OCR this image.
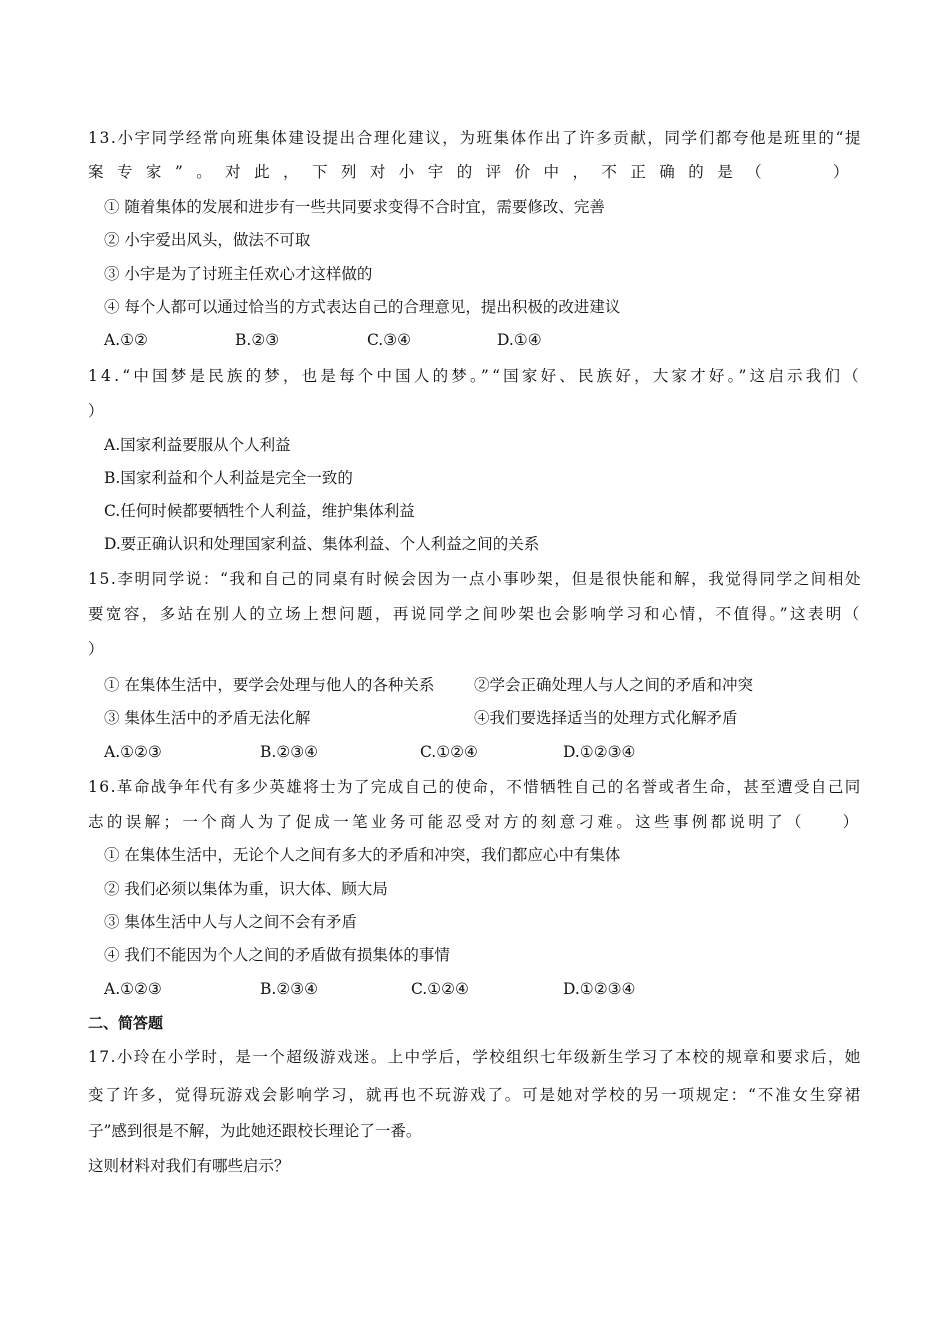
13.小宇同学经常向班集体建设提出合理化建议，为班集体作出了许多贡献，同学们都夸他是班里的“提
案专家”。对此，下列对小宇的评价中，不正确的是（　　）
① 随着集体的发展和进步有一些共同要求变得不合时宜，需要修改、完善
② 小宇爱出风头，做法不可取
③ 小宇是为了讨班主任欢心才这样做的
④ 每个人都可以通过恰当的方式表达自己的合理意见，提出积极的改进建议
A.①②	B.②③	C.③④	D.①④
14.“中国梦是民族的梦，也是每个中国人的梦。”“国家好、民族好，大家才好。”这启示我们（
）
A.国家利益要服从个人利益
B.国家利益和个人利益是完全一致的
C.任何时候都要牺牲个人利益，维护集体利益
D.要正确认识和处理国家利益、集体利益、个人利益之间的关系
15.李明同学说：“我和自己的同桌有时候会因为一点小事吵架，但是很快能和解，我觉得同学之间相处
要宽容，多站在别人的立场上想问题，再说同学之间吵架也会影响学习和心情，不值得。”这表明（
）
① 在集体生活中，要学会处理与他人的各种关系	②学会正确处理人与人之间的矛盾和冲突
③ 集体生活中的矛盾无法化解	④我们要选择适当的处理方式化解矛盾
A.①②③	B.②③④	C.①②④	D.①②③④
16.革命战争年代有多少英雄将士为了完成自己的使命，不惜牺牲自己的名誉或者生命，甚至遭受自己同
志的误解；一个商人为了促成一笔业务可能忍受对方的刻意刁难。这些事例都说明了（　　）
① 在集体生活中，无论个人之间有多大的矛盾和冲突，我们都应心中有集体
② 我们必须以集体为重，识大体、顾大局
③ 集体生活中人与人之间不会有矛盾
④ 我们不能因为个人之间的矛盾做有损集体的事情
A.①②③	B.②③④	C.①②④	D.①②③④
二、简答题
17.小玲在小学时，是一个超级游戏迷。上中学后，学校组织七年级新生学习了本校的规章和要求后，她
变了许多，觉得玩游戏会影响学习，就再也不玩游戏了。可是她对学校的另一项规定：“不准女生穿裙
子”感到很是不解，为此她还跟校长理论了一番。
这则材料对我们有哪些启示？
